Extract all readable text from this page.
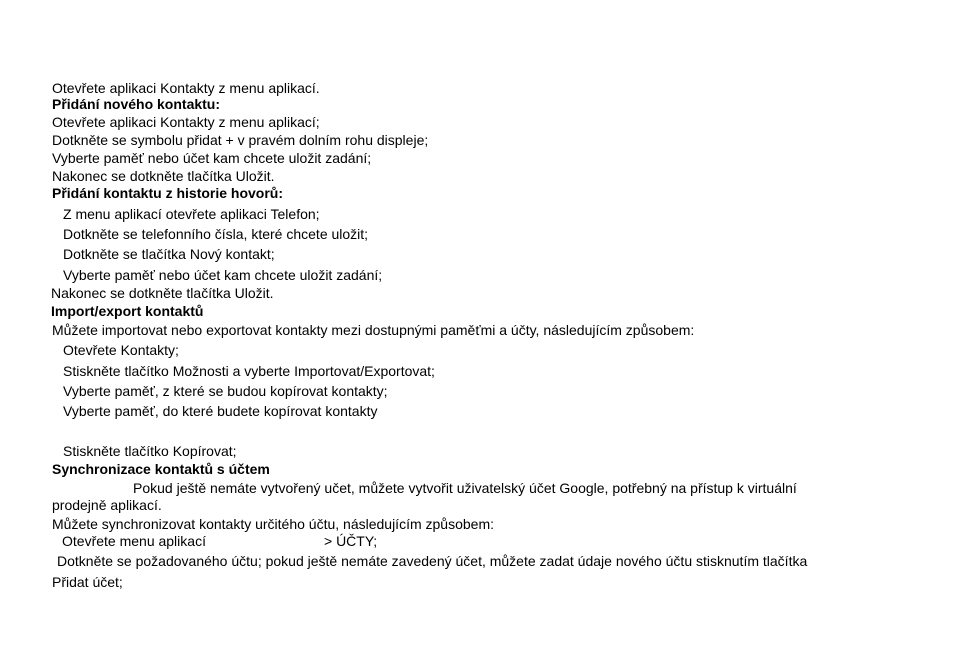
Otevřete aplikaci Kontakty z menu aplikací.
Přidání nového kontaktu:
Otevřete aplikaci Kontakty z menu aplikací;
Dotkněte se symbolu přidat + v pravém dolním rohu displeje;
Vyberte paměť nebo účet kam chcete uložit zadání;
Nakonec se dotkněte tlačítka Uložit.
Přidání kontaktu z historie hovorů:
Z menu aplikací otevřete aplikaci Telefon;
Dotkněte se telefonního čísla, které chcete uložit;
Dotkněte se tlačítka Nový kontakt;
Vyberte paměť nebo účet kam chcete uložit zadání;
Nakonec se dotkněte tlačítka Uložit.
Import/export kontaktů
Můžete importovat nebo exportovat kontakty mezi dostupnými paměťmi a účty, následujícím způsobem:
Otevřete Kontakty;
Stiskněte tlačítko Možnosti a vyberte Importovat/Exportovat;
Vyberte paměť, z které se budou kopírovat kontakty;
Vyberte paměť, do které budete kopírovat kontakty
Stiskněte tlačítko Kopírovat;
Synchronizace kontaktů s účtem
Pokud ještě nemáte vytvořený učet, můžete vytvořit uživatelský účet Google, potřebný na přístup k virtuální
prodejně aplikací.
Můžete synchronizovat kontakty určitého účtu, následujícím způsobem:
Otevřete menu aplikací	> ÚČTY;
Dotkněte se požadovaného účtu; pokud ještě nemáte zavedený účet, můžete zadat údaje nového účtu stisknutím tlačítka
Přidat účet;
